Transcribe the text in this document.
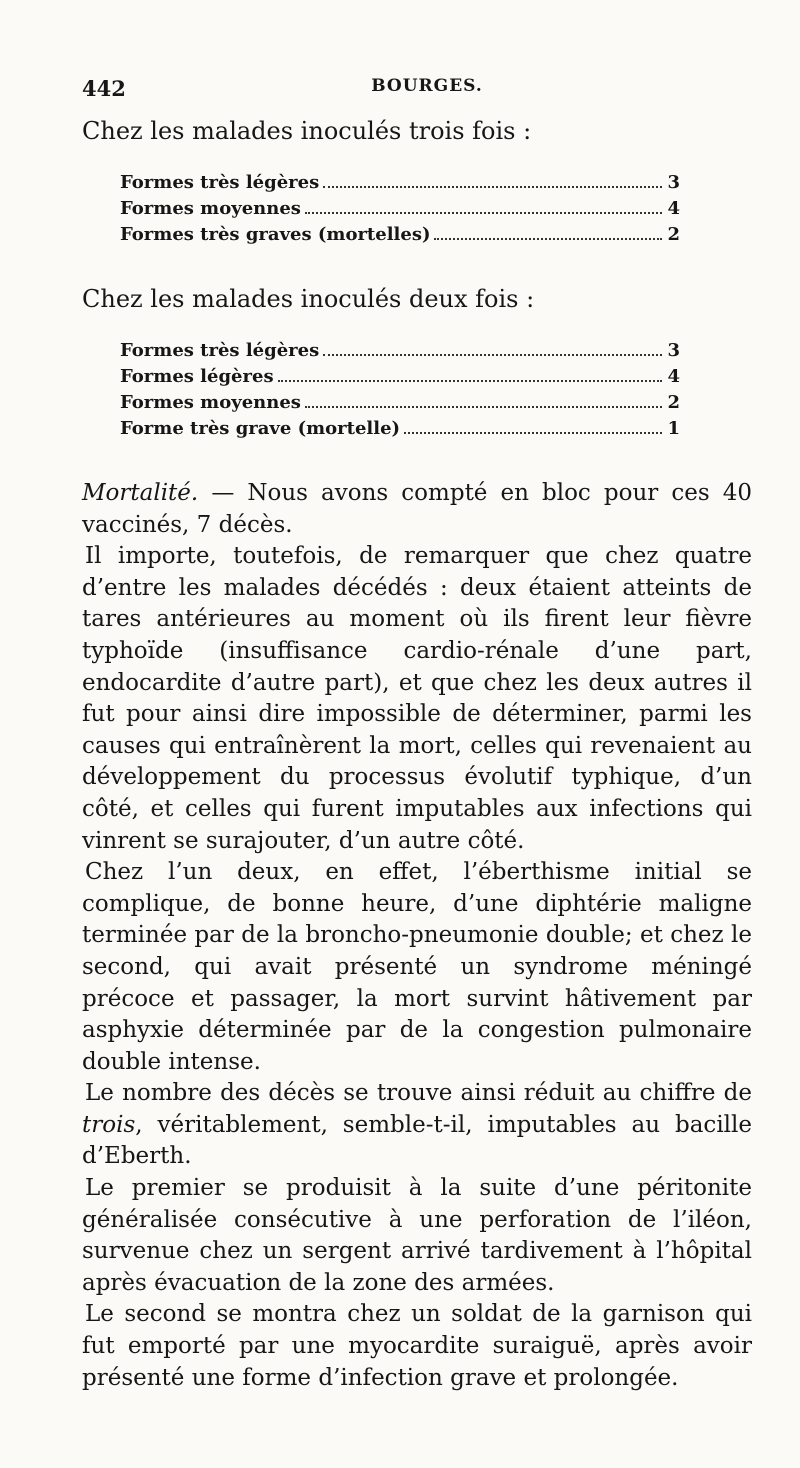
442	BOURGES.
Chez les malades inoculés trois fois :
Formes très légères	3
Formes moyennes	4
Formes très graves (mortelles)	2
Chez les malades inoculés deux fois :
Formes très légères	3
Formes légères	4
Formes moyennes	2
Forme très grave (mortelle)	1

Mortalité. — Nous avons compté en bloc pour ces 40 vaccinés, 7 décès.

Il importe, toutefois, de remarquer que chez quatre d’entre les malades décédés : deux étaient atteints de tares antérieures au moment où ils firent leur fièvre typhoïde (insuffisance cardio-rénale d’une part, endocardite d’autre part), et que chez les deux autres il fut pour ainsi dire impossible de déterminer, parmi les causes qui entraînèrent la mort, celles qui revenaient au développement du processus évolutif typhique, d’un côté, et celles qui furent imputables aux infections qui vinrent se surajouter, d’un autre côté.

Chez l’un deux, en effet, l’éberthisme initial se complique, de bonne heure, d’une diphtérie maligne terminée par de la broncho-pneumonie double; et chez le second, qui avait présenté un syndrome méningé précoce et passager, la mort survint hâtivement par asphyxie déterminée par de la congestion pulmonaire double intense.

Le nombre des décès se trouve ainsi réduit au chiffre de trois, véritablement, semble-t-il, imputables au bacille d’Eberth.

Le premier se produisit à la suite d’une péritonite généralisée consécutive à une perforation de l’iléon, survenue chez un sergent arrivé tardivement à l’hôpital après évacuation de la zone des armées.

Le second se montra chez un soldat de la garnison qui fut emporté par une myocardite suraiguë, après avoir présenté une forme d’infection grave et prolongée.
